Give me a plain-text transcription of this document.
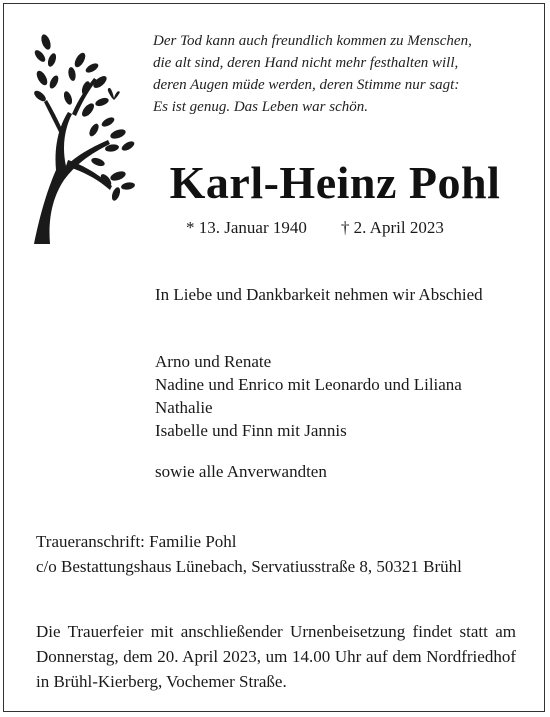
Der Tod kann auch freundlich kommen zu Menschen,
die alt sind, deren Hand nicht mehr festhalten will,
deren Augen müde werden, deren Stimme nur sagt:
Es ist genug. Das Leben war schön.
Karl-Heinz Pohl
* 13. Januar 1940 † 2. April 2023
In Liebe und Dankbarkeit nehmen wir Abschied
Arno und Renate
Nadine und Enrico mit Leonardo und Liliana
Nathalie
Isabelle und Finn mit Jannis
sowie alle Anverwandten
Traueranschrift: Familie Pohl
c/o Bestattungshaus Lünebach, Servatiusstraße 8, 50321 Brühl
Die Trauerfeier mit anschließender Urnenbeisetzung findet statt am Donnerstag, dem 20. April 2023, um 14.00 Uhr auf dem Nordfriedhof in Brühl-Kierberg, Vochemer Straße.
